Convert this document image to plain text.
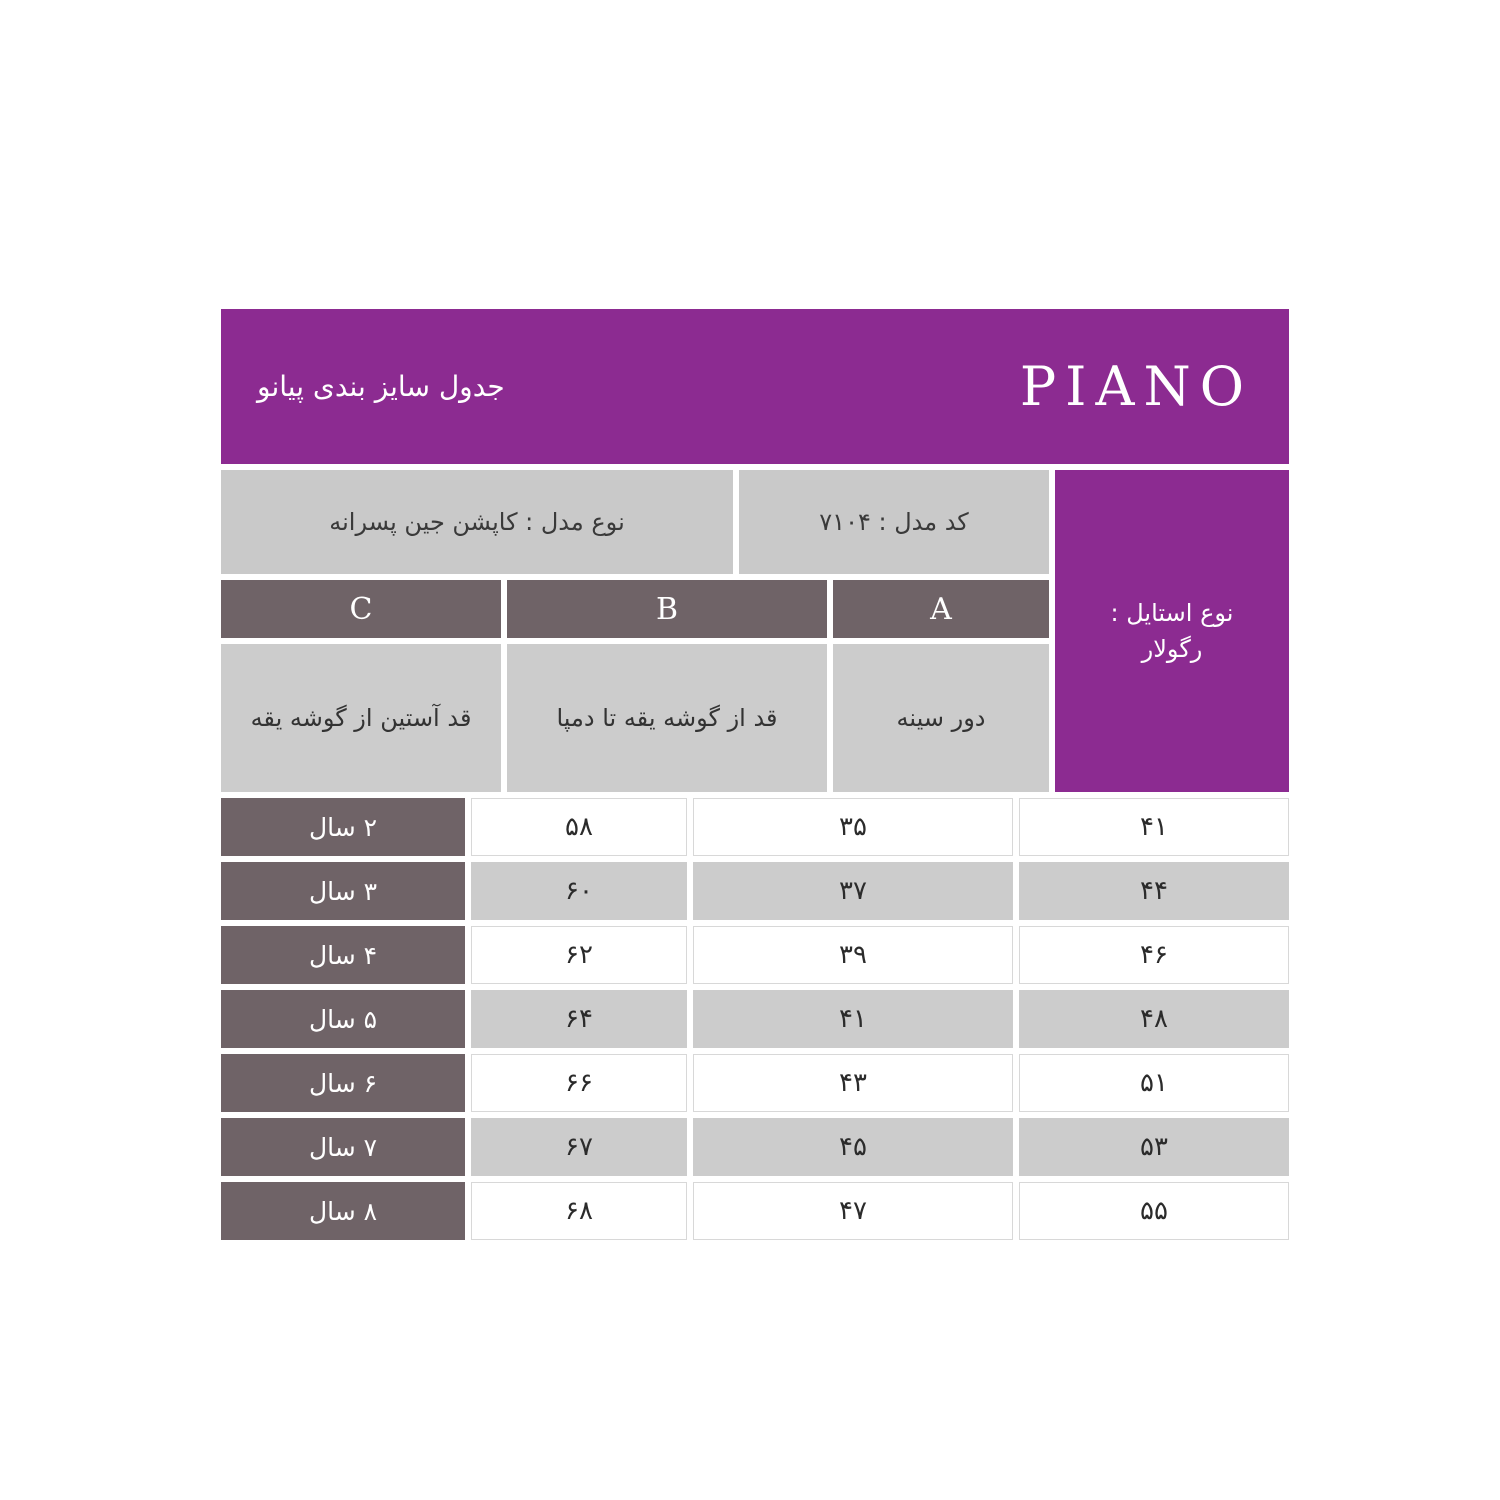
PIANO
جدول سایز بندی پیانو
نوع استایل :
رگولار
کد مدل : ۷۱۰۴
نوع مدل : کاپشن جین پسرانه
A
B
C
دور سینه
قد از گوشه یقه تا دمپا
قد آستین از گوشه یقه
۴۱
۳۵
۵۸
۲ سال
۴۴
۳۷
۶۰
۳ سال
۴۶
۳۹
۶۲
۴ سال
۴۸
۴۱
۶۴
۵ سال
۵۱
۴۳
۶۶
۶ سال
۵۳
۴۵
۶۷
۷ سال
۵۵
۴۷
۶۸
۸ سال
